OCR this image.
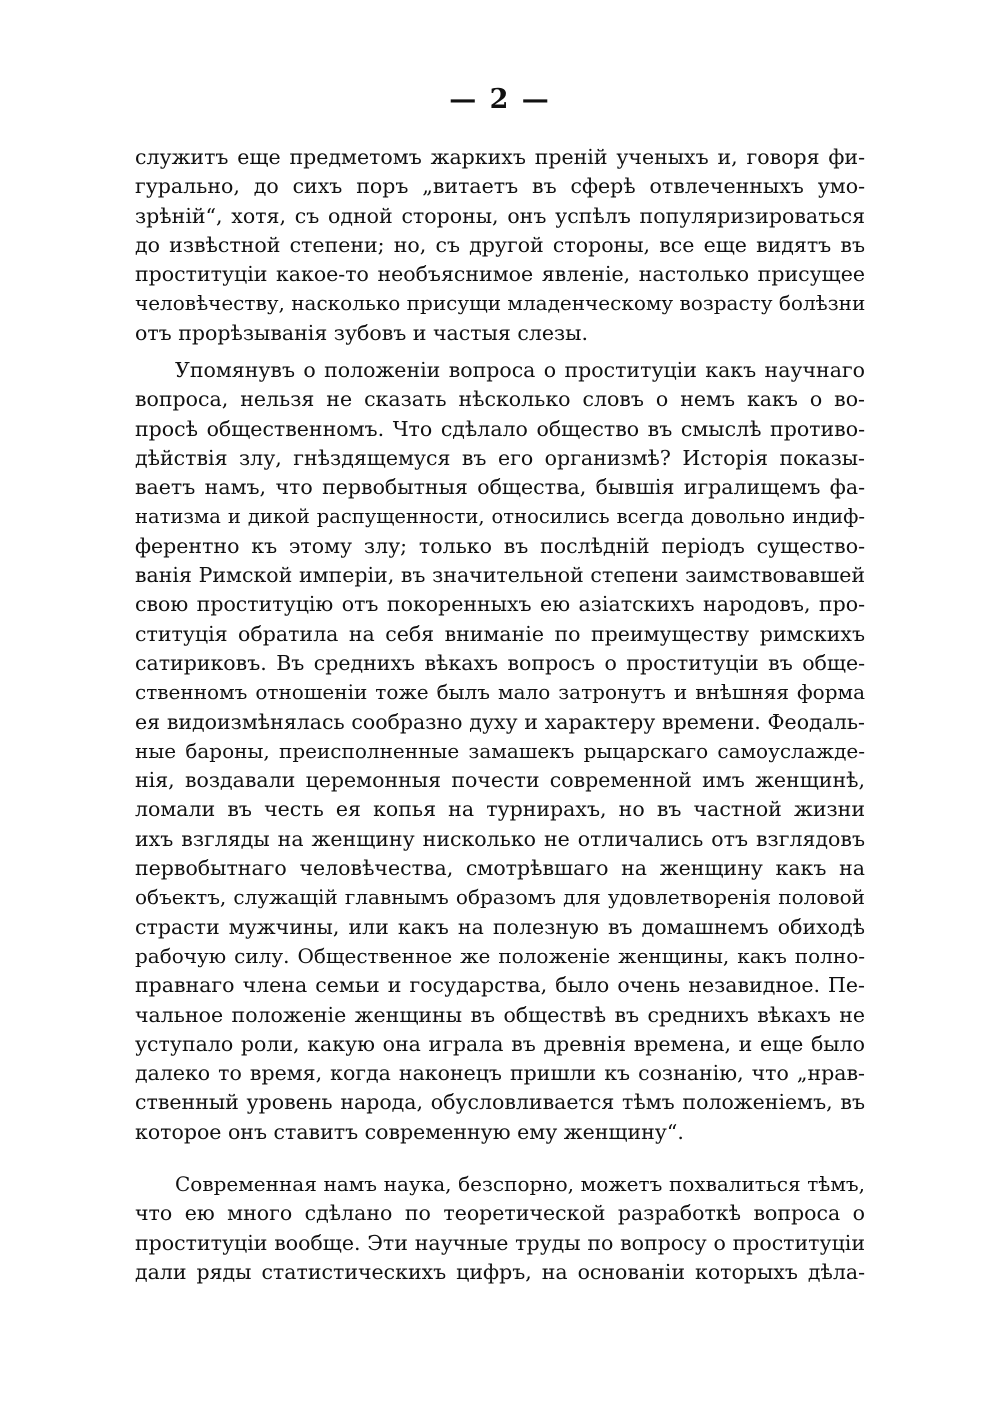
— 2 —
служитъ еще предметомъ жаркихъ преній ученыхъ и, говоря фи-
гурально, до сихъ поръ „витаетъ въ сферѣ отвлеченныхъ умо-
зрѣній“, хотя, съ одной стороны, онъ успѣлъ популяризироваться
до извѣстной степени; но, съ другой стороны, все еще видятъ въ
проституціи какое-то необъяснимое явленіе, настолько присущее
человѣчеству, насколько присущи младенческому возрасту болѣзни
отъ прорѣзыванія зубовъ и частыя слезы.
Упомянувъ о положеніи вопроса о проституціи какъ научнаго
вопроса, нельзя не сказать нѣсколько словъ о немъ какъ о во-
просѣ общественномъ. Что сдѣлало общество въ смыслѣ противо-
дѣйствія злу, гнѣздящемуся въ его организмѣ? Исторія показы-
ваетъ намъ, что первобытныя общества, бывшія игралищемъ фа-
натизма и дикой распущенности, относились всегда довольно индиф-
ферентно къ этому злу; только въ послѣдній періодъ существо-
ванія Римской имперіи, въ значительной степени заимствовавшей
свою проституцію отъ покоренныхъ ею азіатскихъ народовъ, про-
ституція обратила на себя вниманіе по преимуществу римскихъ
сатириковъ. Въ среднихъ вѣкахъ вопросъ о проституціи въ обще-
ственномъ отношеніи тоже былъ мало затронутъ и внѣшняя форма
ея видоизмѣнялась сообразно духу и характеру времени. Феодаль-
ные бароны, преисполненные замашекъ рыцарскаго самоуслажде-
нія, воздавали церемонныя почести современной имъ женщинѣ,
ломали въ честь ея копья на турнирахъ, но въ частной жизни
ихъ взгляды на женщину нисколько не отличались отъ взглядовъ
первобытнаго человѣчества, смотрѣвшаго на женщину какъ на
объектъ, служащій главнымъ образомъ для удовлетворенія половой
страсти мужчины, или какъ на полезную въ домашнемъ обиходѣ
рабочую силу. Общественное же положеніе женщины, какъ полно-
правнаго члена семьи и государства, было очень незавидное. Пе-
чальное положеніе женщины въ обществѣ въ среднихъ вѣкахъ не
уступало роли, какую она играла въ древнія времена, и еще было
далеко то время, когда наконецъ пришли къ сознанію, что „нрав-
ственный уровень народа, обусловливается тѣмъ положеніемъ, въ
которое онъ ставитъ современную ему женщину“.
Современная намъ наука, безспорно, можетъ похвалиться тѣмъ,
что ею много сдѣлано по теоретической разработкѣ вопроса о
проституціи вообще. Эти научные труды по вопросу о проституціи
дали ряды статистическихъ цифръ, на основаніи которыхъ дѣла-
